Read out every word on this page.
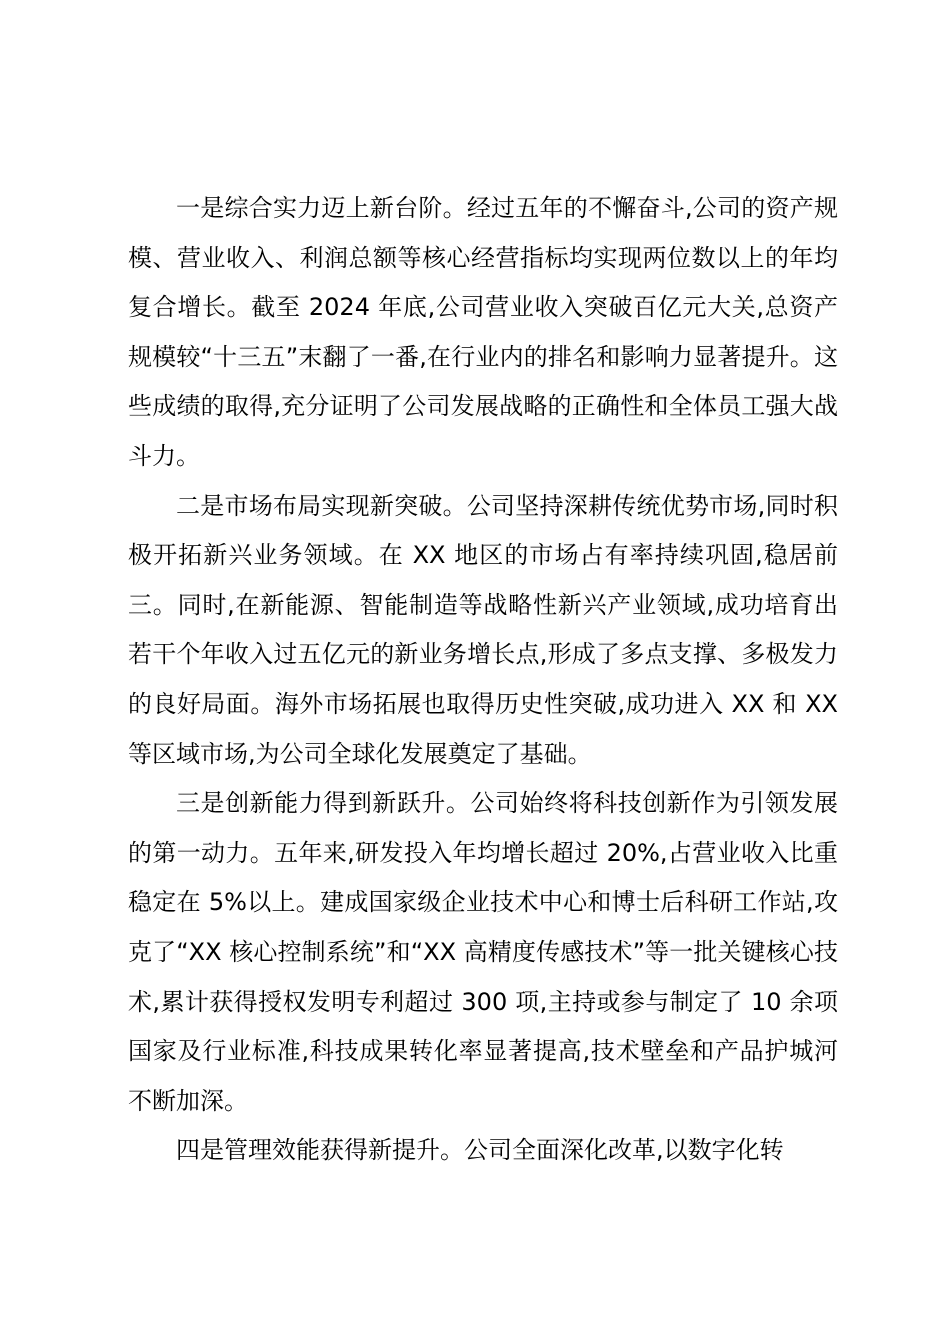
一是综合实力迈上新台阶。经过五年的不懈奋斗,公司的资产规模、营业收入、利润总额等核心经营指标均实现两位数以上的年均复合增长。截至 2024 年底,公司营业收入突破百亿元大关,总资产规模较“十三五”末翻了一番,在行业内的排名和影响力显著提升。这些成绩的取得,充分证明了公司发展战略的正确性和全体员工强大战斗力。

二是市场布局实现新突破。公司坚持深耕传统优势市场,同时积极开拓新兴业务领域。在 XX 地区的市场占有率持续巩固,稳居前三。同时,在新能源、智能制造等战略性新兴产业领域,成功培育出若干个年收入过五亿元的新业务增长点,形成了多点支撑、多极发力的良好局面。海外市场拓展也取得历史性突破,成功进入 XX 和 XX 等区域市场,为公司全球化发展奠定了基础。

三是创新能力得到新跃升。公司始终将科技创新作为引领发展的第一动力。五年来,研发投入年均增长超过 20%,占营业收入比重稳定在 5%以上。建成国家级企业技术中心和博士后科研工作站,攻克了“XX 核心控制系统”和“XX 高精度传感技术”等一批关键核心技术,累计获得授权发明专利超过 300 项,主持或参与制定了 10 余项国家及行业标准,科技成果转化率显著提高,技术壁垒和产品护城河不断加深。

四是管理效能获得新提升。公司全面深化改革,以数字化转
